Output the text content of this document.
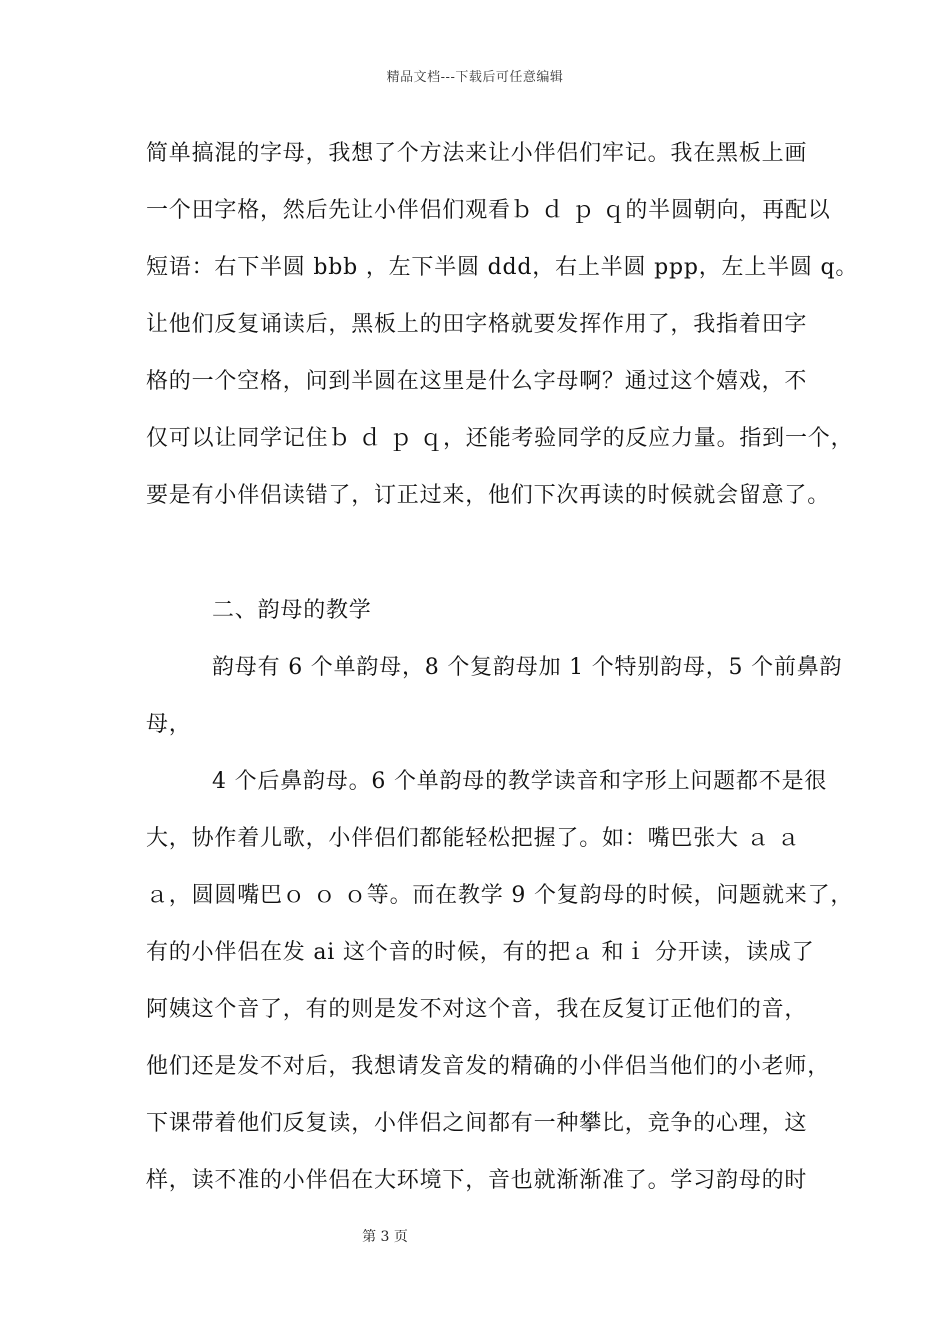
精品文档---下载后可任意编辑
简单搞混的字母，我想了个方法来让小伴侣们牢记。我在黑板上画
一个田字格，然后先让小伴侣们观看ｂ ｄ ｐ ｑ的半圆朝向，再配以
短语：右下半圆 bbb ，左下半圆 ddd，右上半圆 ppp，左上半圆 q。
让他们反复诵读后，黑板上的田字格就要发挥作用了，我指着田字
格的一个空格，问到半圆在这里是什么字母啊？通过这个嬉戏，不
仅可以让同学记住ｂ ｄ ｐ ｑ，还能考验同学的反应力量。指到一个，
要是有小伴侣读错了，订正过来，他们下次再读的时候就会留意了。
二、韵母的教学
韵母有 6 个单韵母，8 个复韵母加 1 个特别韵母，5 个前鼻韵
母，
4 个后鼻韵母。6 个单韵母的教学读音和字形上问题都不是很
大，协作着儿歌，小伴侣们都能轻松把握了。如：嘴巴张大 ａ ａ
ａ，圆圆嘴巴ｏ ｏ ｏ等。而在教学 9 个复韵母的时候，问题就来了，
有的小伴侣在发 ai 这个音的时候，有的把ａ 和ｉ 分开读，读成了
阿姨这个音了，有的则是发不对这个音，我在反复订正他们的音，
他们还是发不对后，我想请发音发的精确的小伴侣当他们的小老师，
下课带着他们反复读，小伴侣之间都有一种攀比，竞争的心理，这
样，读不准的小伴侣在大环境下，音也就渐渐准了。学习韵母的时
第 3 页
